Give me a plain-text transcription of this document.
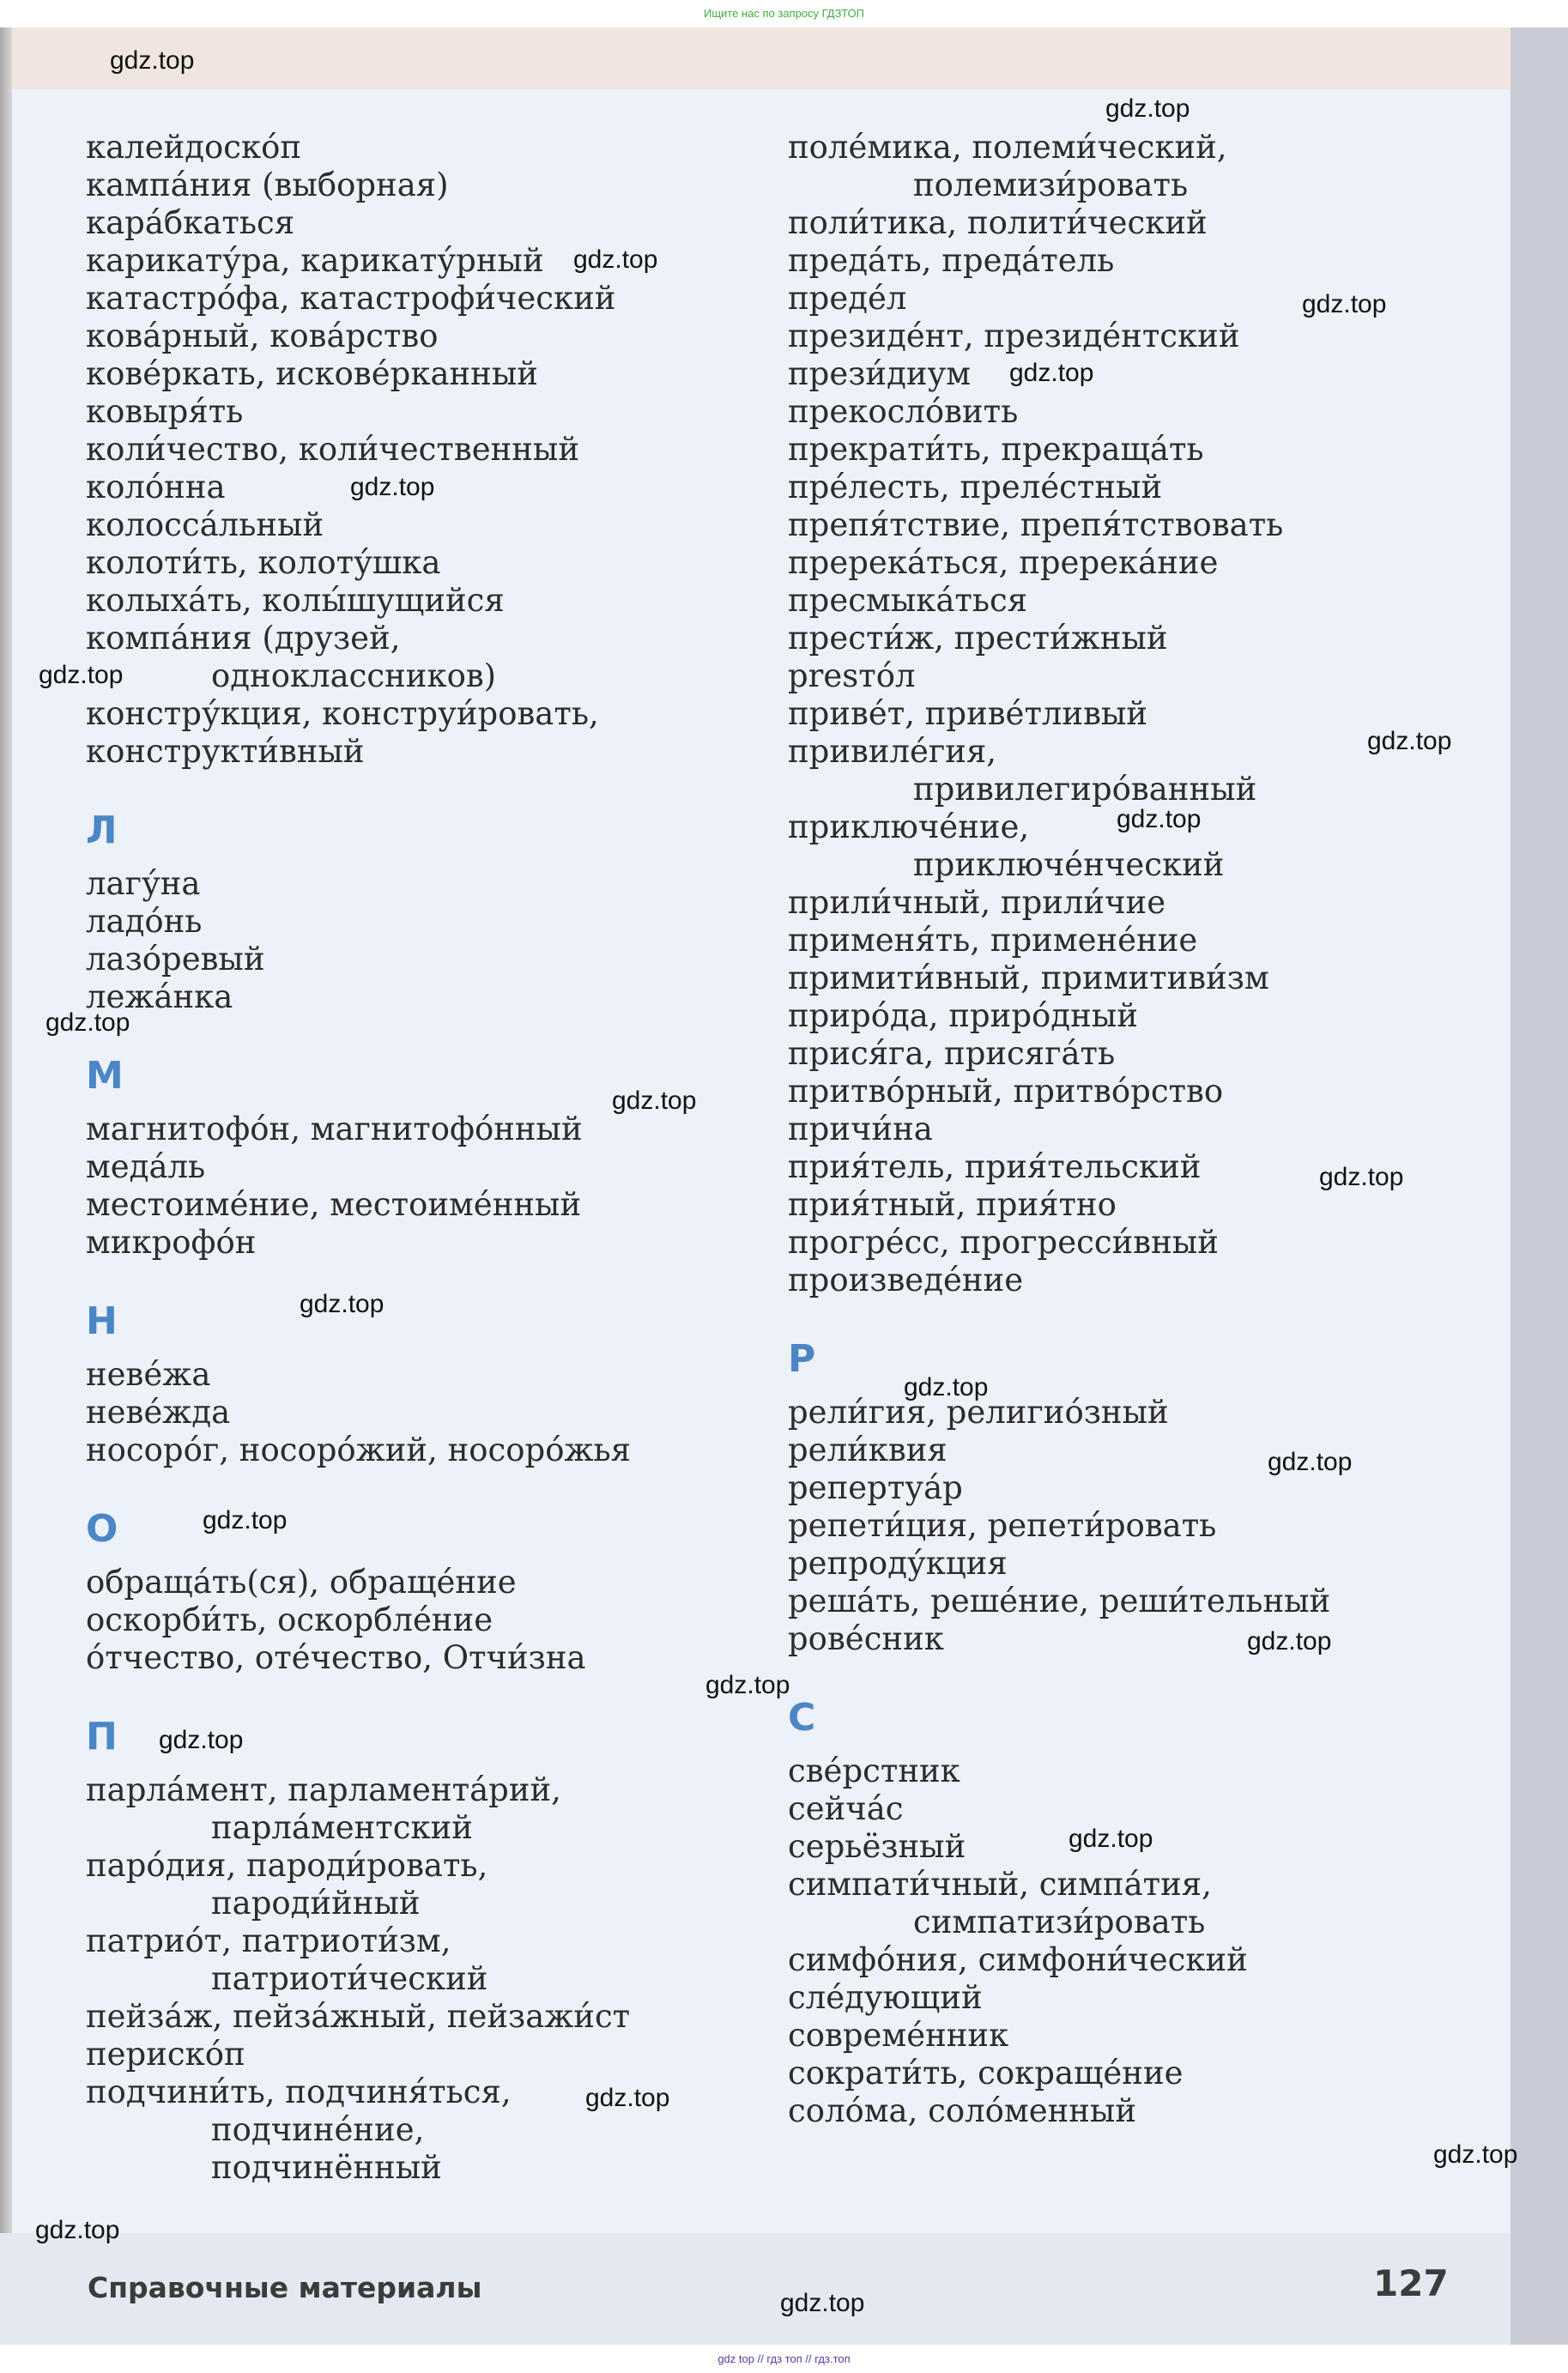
Ищите нас по запросу ГДЗТОП
калейдоско́п
кампа́ния (выборная)
кара́бкаться
карикату́ра, карикату́рный
катастро́фа, катастрофи́ческий
кова́рный, кова́рство
кове́ркать, искове́рканный
ковыря́ть
коли́чество, коли́чественный
коло́нна
колосса́льный
колоти́ть, колоту́шка
колыха́ть, колы́шущийся
компа́ния (друзей,
одноклассников)
констру́кция, конструи́ровать,
конструкти́вный
Л
лагу́на
ладо́нь
лазо́ревый
лежа́нка
М
магнитофо́н, магнитофо́нный
меда́ль
местоиме́ние, местоиме́нный
микрофо́н
Н
неве́жа
неве́жда
носоро́г, носоро́жий, носоро́жья
О
обраща́ть(ся), обраще́ние
оскорби́ть, оскорбле́ние
о́тчество, оте́чество, Отчи́зна
П
парла́мент, парламента́рий,
парла́ментский
паро́дия, пароди́ровать,
пароди́йный
патрио́т, патриоти́зм,
патриоти́ческий
пейза́ж, пейза́жный, пейзажи́ст
периско́п
подчини́ть, подчиня́ться,
подчине́ние,
подчинённый
поле́мика, полеми́ческий,
полемизи́ровать
поли́тика, полити́ческий
преда́ть, преда́тель
преде́л
президе́нт, президе́нтский
прези́диум
прекосло́вить
прекрати́ть, прекраща́ть
пре́лесть, преле́стный
препя́тствие, препя́тствовать
пререка́ться, пререка́ние
пресмыка́ться
прести́ж, прести́жный
presто́л
приве́т, приве́тливый
привиле́гия,
привилегиро́ванный
приключе́ние,
приключе́нческий
прили́чный, прили́чие
применя́ть, примене́ние
примити́вный, примитиви́зм
приро́да, приро́дный
прися́га, присяга́ть
притво́рный, притво́рство
причи́на
прия́тель, прия́тельский
прия́тный, прия́тно
прогре́сс, прогресси́вный
произведе́ние
Р
рели́гия, религио́зный
рели́квия
репертуа́р
репети́ция, репети́ровать
репроду́кция
реша́ть, реше́ние, реши́тельный
рове́сник
С
све́рстник
сейча́с
серьёзный
симпати́чный, симпа́тия,
симпатизи́ровать
симфо́ния, симфони́ческий
сле́дующий
совреме́нник
сократи́ть, сокраще́ние
соло́ма, соло́менный
Справочные материалы	127
gdz.top
gdz.top
gdz.top
gdz.top
gdz.top
gdz.top
gdz.top
gdz.top
gdz.top
gdz.top
gdz.top
gdz.top
gdz.top
gdz.top
gdz.top
gdz.top
gdz.top
gdz.top
gdz.top
gdz.top
gdz.top
gdz.top
gdz.top
gdz.top
gdz top // гдз топ // гдз.топ
